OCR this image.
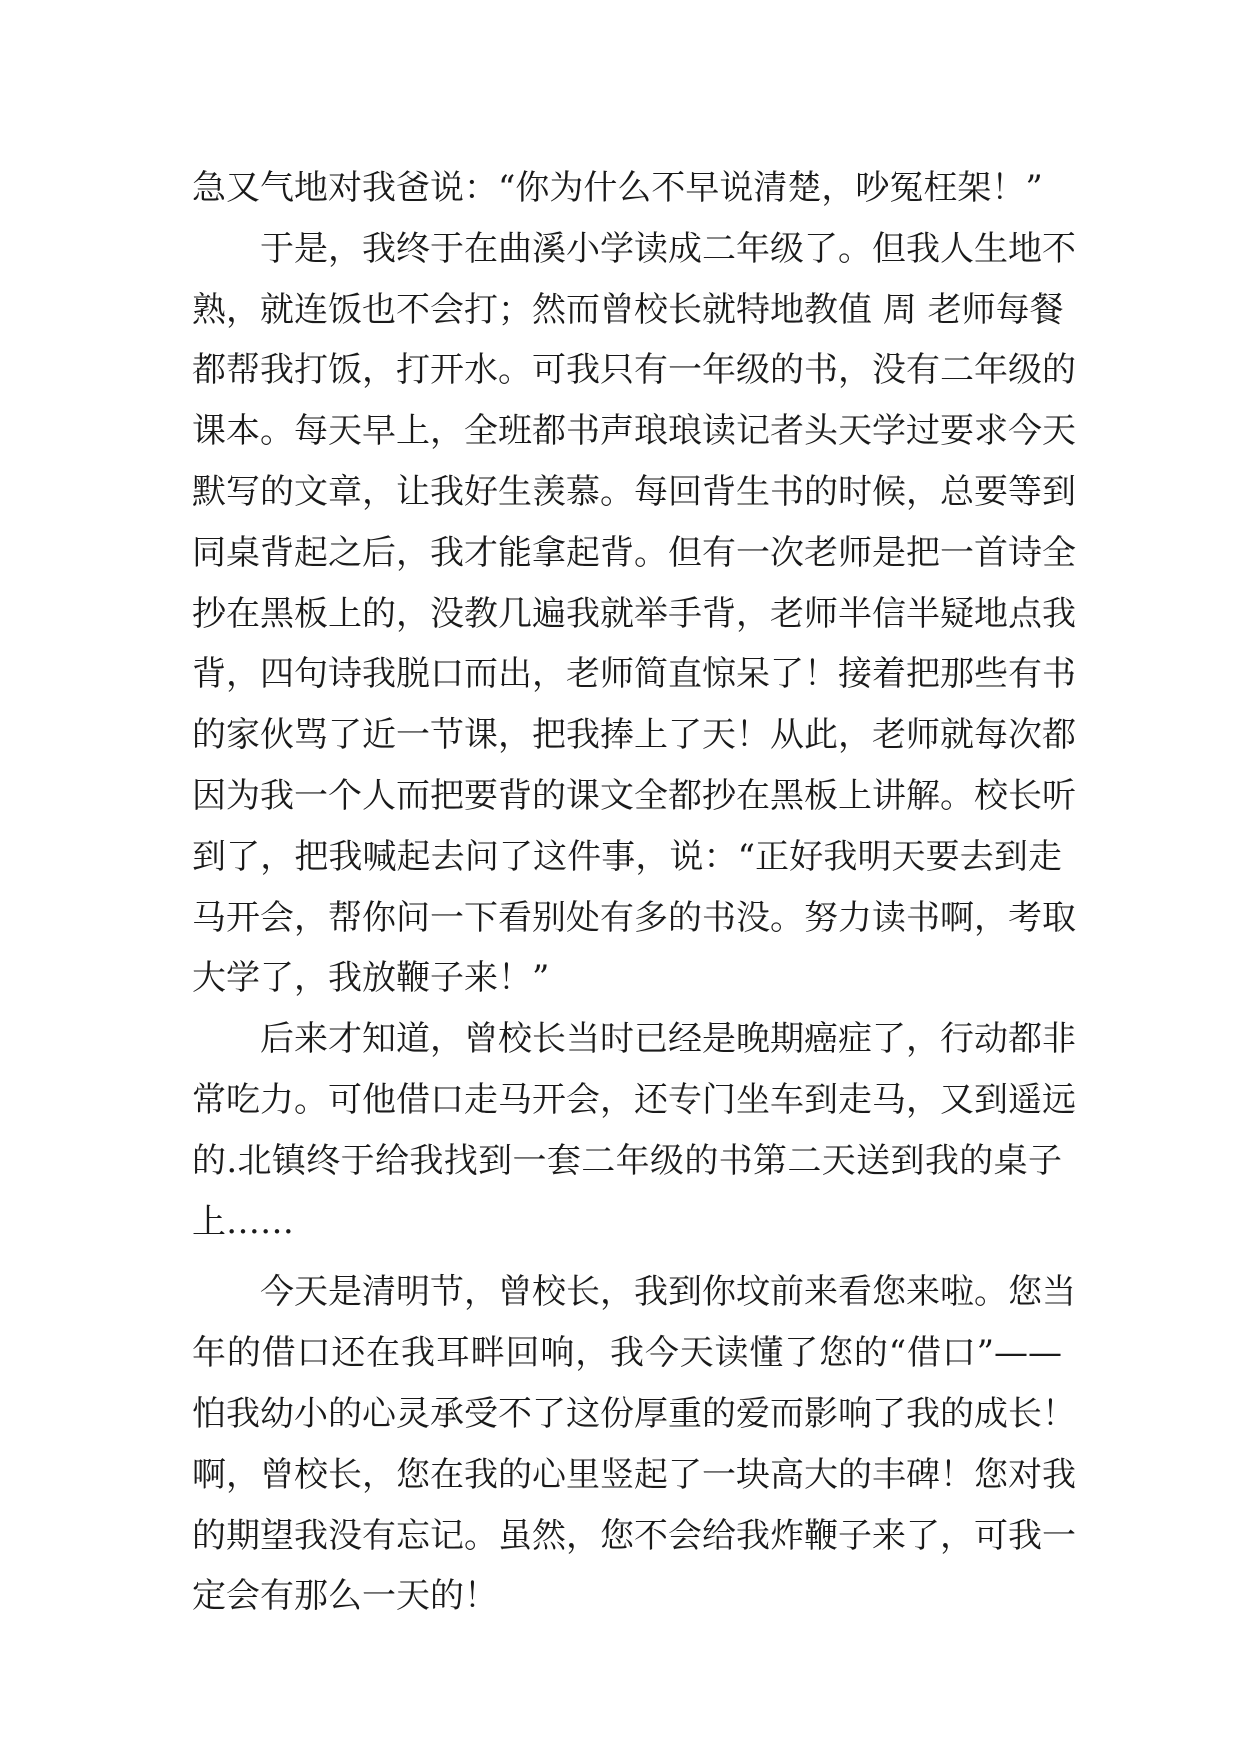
急又气地对我爸说：“你为什么不早说清楚，吵冤枉架！”
于是，我终于在曲溪小学读成二年级了。但我人生地不
熟，就连饭也不会打；然而曾校长就特地教值 周 老师每餐
都帮我打饭，打开水。可我只有一年级的书，没有二年级的
课本。每天早上，全班都书声琅琅读记者头天学过要求今天
默写的文章，让我好生羡慕。每回背生书的时候，总要等到
同桌背起之后，我才能拿起背。但有一次老师是把一首诗全
抄在黑板上的，没教几遍我就举手背，老师半信半疑地点我
背，四句诗我脱口而出，老师简直惊呆了！接着把那些有书
的家伙骂了近一节课，把我捧上了天！从此，老师就每次都
因为我一个人而把要背的课文全都抄在黑板上讲解。校长听
到了，把我喊起去问了这件事，说：“正好我明天要去到走
马开会，帮你问一下看别处有多的书没。努力读书啊，考取
大学了，我放鞭子来！”
后来才知道，曾校长当时已经是晚期癌症了，行动都非
常吃力。可他借口走马开会，还专门坐车到走马，又到遥远
的.北镇终于给我找到一套二年级的书第二天送到我的桌子
上……
今天是清明节，曾校长，我到你坟前来看您来啦。您当
年的借口还在我耳畔回响，我今天读懂了您的“借口”——
怕我幼小的心灵承受不了这份厚重的爱而影响了我的成长！
啊，曾校长，您在我的心里竖起了一块高大的丰碑！您对我
的期望我没有忘记。虽然，您不会给我炸鞭子来了，可我一
定会有那么一天的！
